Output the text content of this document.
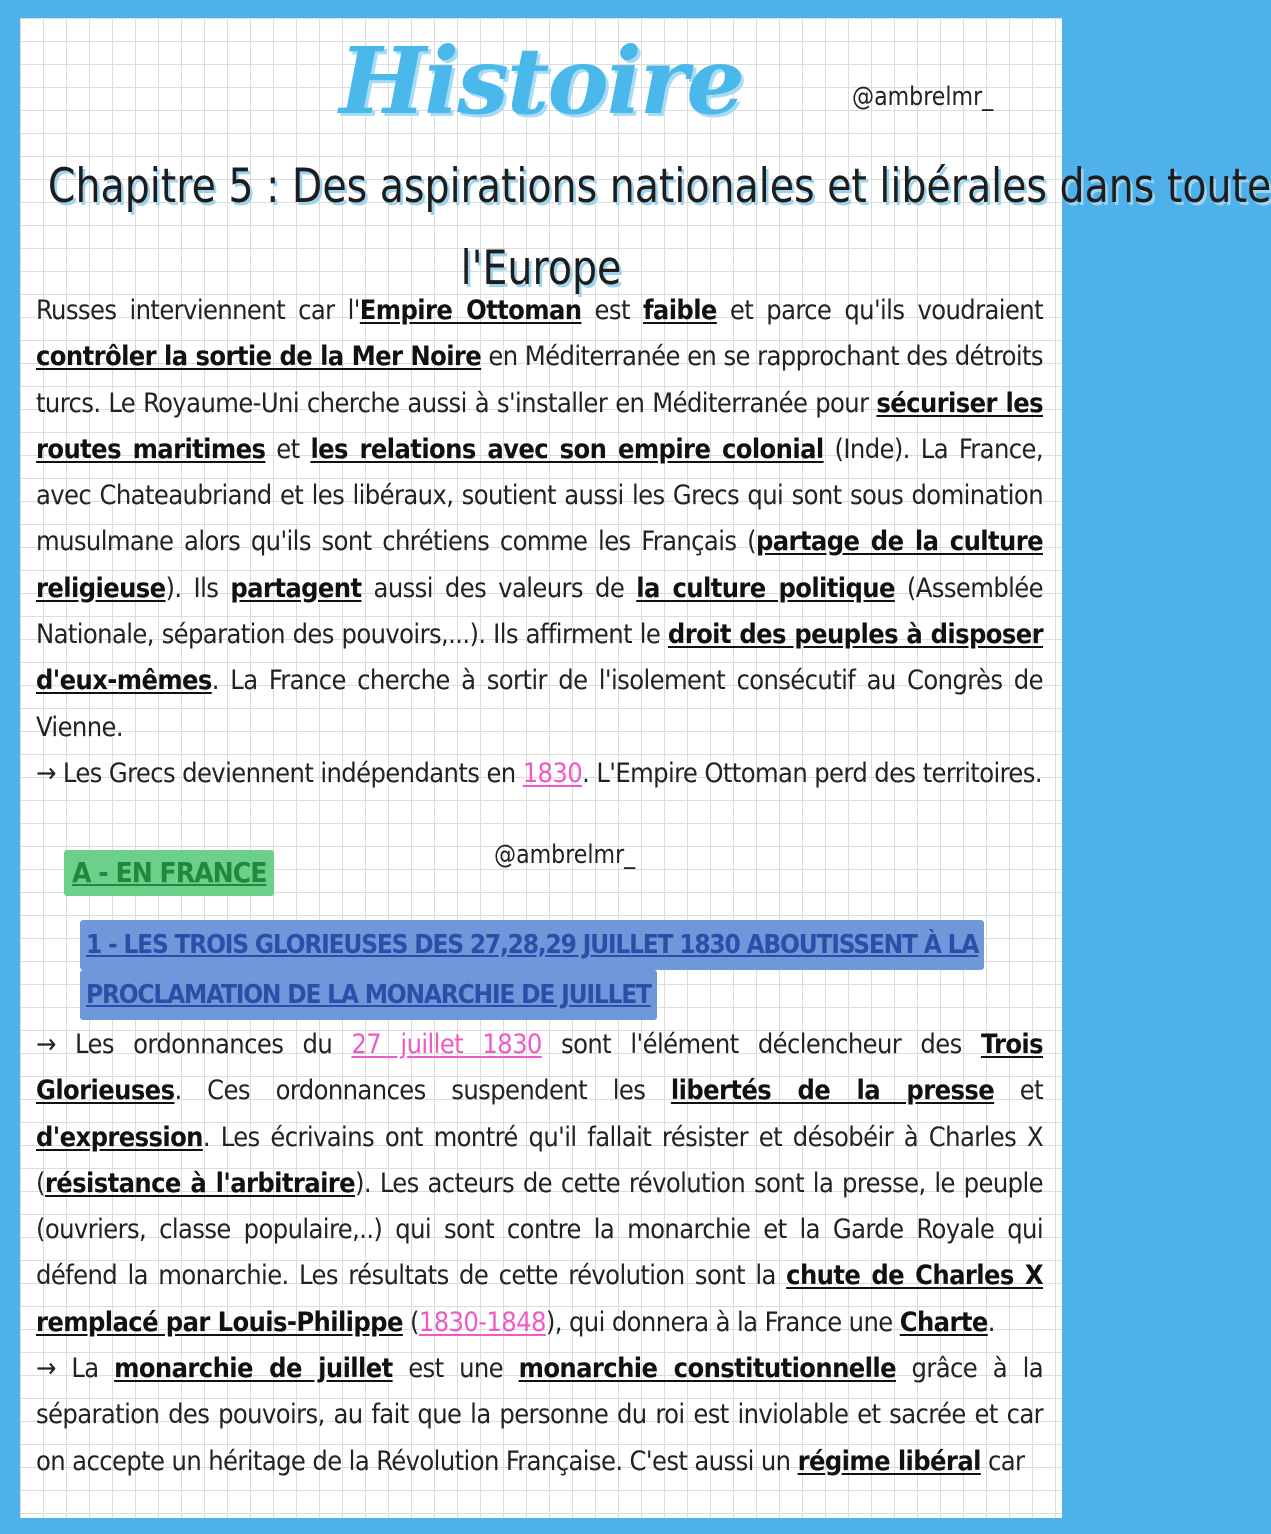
Histoire	@ambrelmr_
Chapitre 5 : Des aspirations nationales et libérales dans toute
l'Europe

Russes interviennent car l'Empire Ottoman est faible et parce qu'ils voudraient contrôler la sortie de la Mer Noire en Méditerranée en se rapprochant des détroits turcs. Le Royaume-Uni cherche aussi à s'installer en Méditerranée pour sécuriser les routes maritimes et les relations avec son empire colonial (Inde). La France, avec Chateaubriand et les libéraux, soutient aussi les Grecs qui sont sous domination musulmane alors qu'ils sont chrétiens comme les Français (partage de la culture religieuse). Ils partagent aussi des valeurs de la culture politique (Assemblée Nationale, séparation des pouvoirs,...). Ils affirment le droit des peuples à disposer d'eux-mêmes. La France cherche à sortir de l'isolement consécutif au Congrès de Vienne.

→ Les Grecs deviennent indépendants en 1830. L'Empire Ottoman perd des territoires.

@ambrelmr_
A - EN FRANCE
1 - LES TROIS GLORIEUSES DES 27,28,29 JUILLET 1830 ABOUTISSENT À LA
PROCLAMATION DE LA MONARCHIE DE JUILLET

→ Les ordonnances du 27 juillet 1830 sont l'élément déclencheur des Trois Glorieuses. Ces ordonnances suspendent les libertés de la presse et d'expression. Les écrivains ont montré qu'il fallait résister et désobéir à Charles X (résistance à l'arbitraire). Les acteurs de cette révolution sont la presse, le peuple (ouvriers, classe populaire,..) qui sont contre la monarchie et la Garde Royale qui défend la monarchie. Les résultats de cette révolution sont la chute de Charles X remplacé par Louis-Philippe (1830-1848), qui donnera à la France une Charte.

→ La monarchie de juillet est une monarchie constitutionnelle grâce à la séparation des pouvoirs, au fait que la personne du roi est inviolable et sacrée et car on accepte un héritage de la Révolution Française. C'est aussi un régime libéral car
